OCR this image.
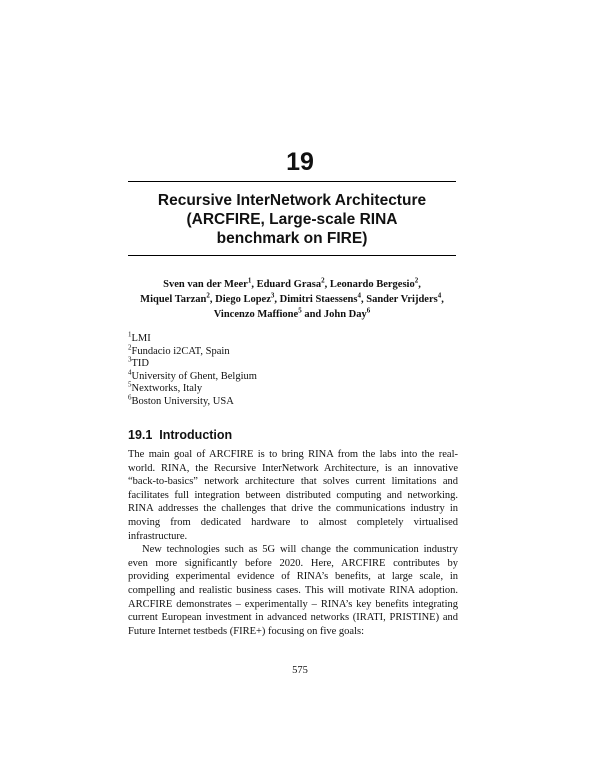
19
Recursive InterNetwork Architecture
(ARCFIRE, Large-scale RINA
benchmark on FIRE)
Sven van der Meer$^1$, Eduard Grasa$^2$, Leonardo Bergesio$^2$,
Miquel Tarzan$^2$, Diego Lopez$^3$, Dimitri Staessens$^4$, Sander Vrijders$^4$,
Vincenzo Maffione$^5$ and John Day$^6$
$^1$LMI
$^2$Fundacio i2CAT, Spain
$^3$TID
$^4$University of Ghent, Belgium
$^5$Nextworks, Italy
$^6$Boston University, USA
19.1  Introduction

The main goal of ARCFIRE is to bring RINA from the labs into the real-world. RINA, the Recursive InterNetwork Architecture, is an innovative “back-to-basics” network architecture that solves current limitations and facilitates full integration between distributed computing and networking. RINA addresses the challenges that drive the communications industry in moving from dedicated hardware to almost completely virtualised infrastructure.

New technologies such as 5G will change the communication industry even more significantly before 2020. Here, ARCFIRE contributes by providing experimental evidence of RINA’s benefits, at large scale, in compelling and realistic business cases. This will motivate RINA adoption. ARCFIRE demonstrates – experimentally – RINA’s key benefits integrating current European investment in advanced networks (IRATI, PRISTINE) and Future Internet testbeds (FIRE+) focusing on five goals:

575
